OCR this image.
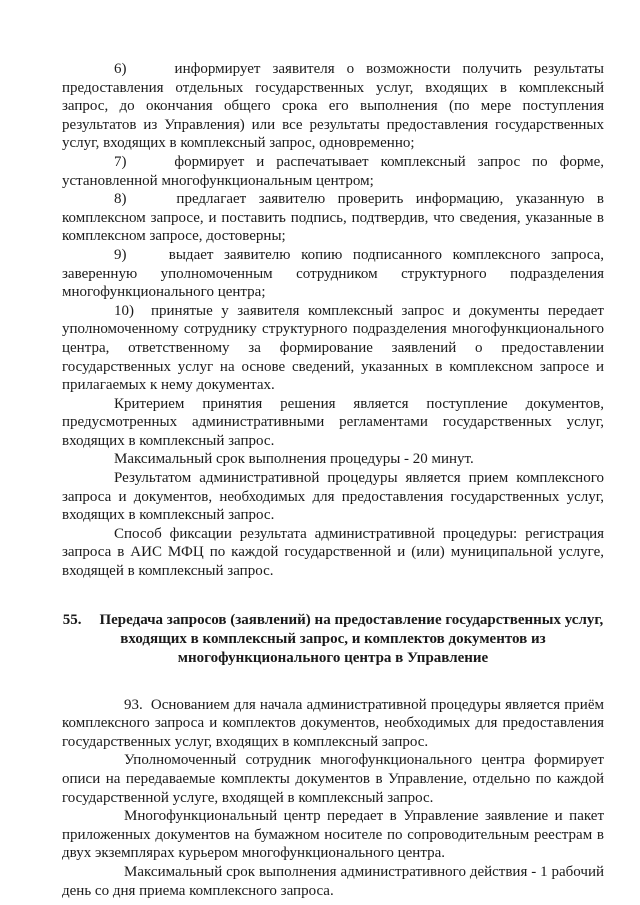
6)    информирует заявителя о возможности получить результаты предоставления отдельных государственных услуг, входящих в комплексный запрос, до окончания общего срока его выполнения (по мере поступления результатов из Управления) или все результаты предоставления государственных услуг, входящих в комплексный запрос, одновременно;

7)    формирует и распечатывает комплексный запрос по форме, установленной многофункциональным центром;

8)    предлагает заявителю проверить информацию, указанную в комплексном запросе, и поставить подпись, подтвердив, что сведения, указанные в комплексном запросе, достоверны;

9)    выдает заявителю копию подписанного комплексного запроса, заверенную уполномоченным сотрудником структурного подразделения многофункционального центра;

10)  принятые у заявителя комплексный запрос и документы передает уполномоченному сотруднику структурного подразделения многофункционального центра, ответственному за формирование заявлений о предоставлении государственных услуг на основе сведений, указанных в комплексном запросе и прилагаемых к нему документах.

Критерием принятия решения является поступление документов, предусмотренных административными регламентами государственных услуг, входящих в комплексный запрос.

Максимальный срок выполнения процедуры - 20 минут.

Результатом административной процедуры является прием комплексного запроса и документов, необходимых для предоставления государственных услуг, входящих в комплексный запрос.

Способ фиксации результата административной процедуры: регистрация запроса в АИС МФЦ по каждой государственной и (или) муниципальной услуге, входящей в комплексный запрос.

55. Передача запросов (заявлений) на предоставление государственных услуг, входящих в комплексный запрос, и комплектов документов из многофункционального центра в Управление

93.  Основанием для начала административной процедуры является приём комплексного запроса и комплектов документов, необходимых для предоставления государственных услуг, входящих в комплексный запрос.

Уполномоченный сотрудник многофункционального центра формирует описи на передаваемые комплекты документов в Управление, отдельно по каждой государственной услуге, входящей в комплексный запрос.

Многофункциональный центр передает в Управление заявление и пакет приложенных документов на бумажном носителе по сопроводительным реестрам в двух экземплярах курьером многофункционального центра.

Максимальный срок выполнения административного действия - 1 рабочий день со дня приема комплексного запроса.
